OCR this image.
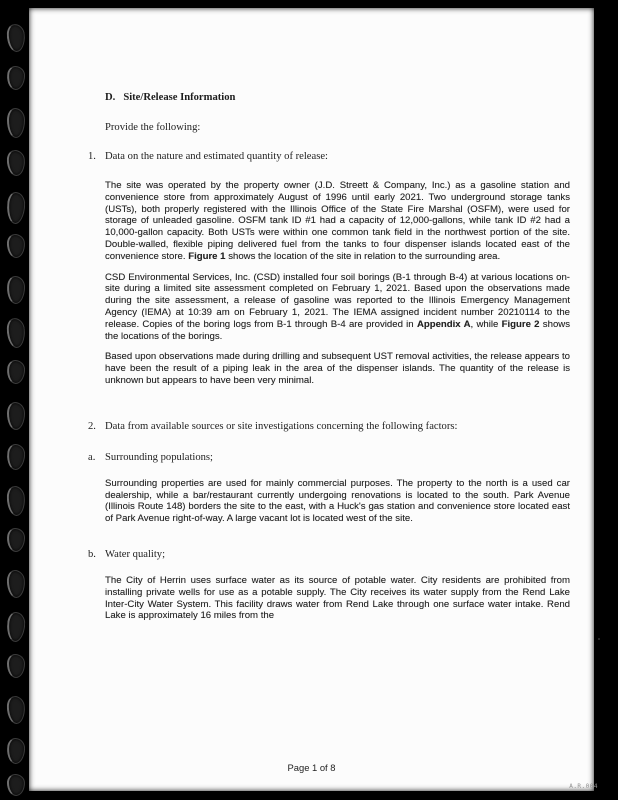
D. Site/Release Information

Provide the following:

1. Data on the nature and estimated quantity of release:

The site was operated by the property owner (J.D. Streett & Company, Inc.) as a gasoline station and convenience store from approximately August of 1996 until early 2021. Two underground storage tanks (USTs), both properly registered with the Illinois Office of the State Fire Marshal (OSFM), were used for storage of unleaded gasoline. OSFM tank ID #1 had a capacity of 12,000-gallons, while tank ID #2 had a 10,000-gallon capacity. Both USTs were within one common tank field in the northwest portion of the site. Double-walled, flexible piping delivered fuel from the tanks to four dispenser islands located east of the convenience store. Figure 1 shows the location of the site in relation to the surrounding area.

CSD Environmental Services, Inc. (CSD) installed four soil borings (B-1 through B-4) at various locations on-site during a limited site assessment completed on February 1, 2021. Based upon the observations made during the site assessment, a release of gasoline was reported to the Illinois Emergency Management Agency (IEMA) at 10:39 am on February 1, 2021. The IEMA assigned incident number 20210114 to the release. Copies of the boring logs from B-1 through B-4 are provided in Appendix A, while Figure 2 shows the locations of the borings.

Based upon observations made during drilling and subsequent UST removal activities, the release appears to have been the result of a piping leak in the area of the dispenser islands. The quantity of the release is unknown but appears to have been very minimal.

2. Data from available sources or site investigations concerning the following factors:
a. Surrounding populations;

Surrounding properties are used for mainly commercial purposes. The property to the north is a used car dealership, while a bar/restaurant currently undergoing renovations is located to the south. Park Avenue (Illinois Route 148) borders the site to the east, with a Huck's gas station and convenience store located east of Park Avenue right-of-way. A large vacant lot is located west of the site.

b. Water quality;

The City of Herrin uses surface water as its source of potable water. City residents are prohibited from installing private wells for use as a potable supply. The City receives its water supply from the Rend Lake Inter-City Water System. This facility draws water from Rend Lake through one surface water intake. Rend Lake is approximately 16 miles from the

Page 1 of 8
A.R.004
